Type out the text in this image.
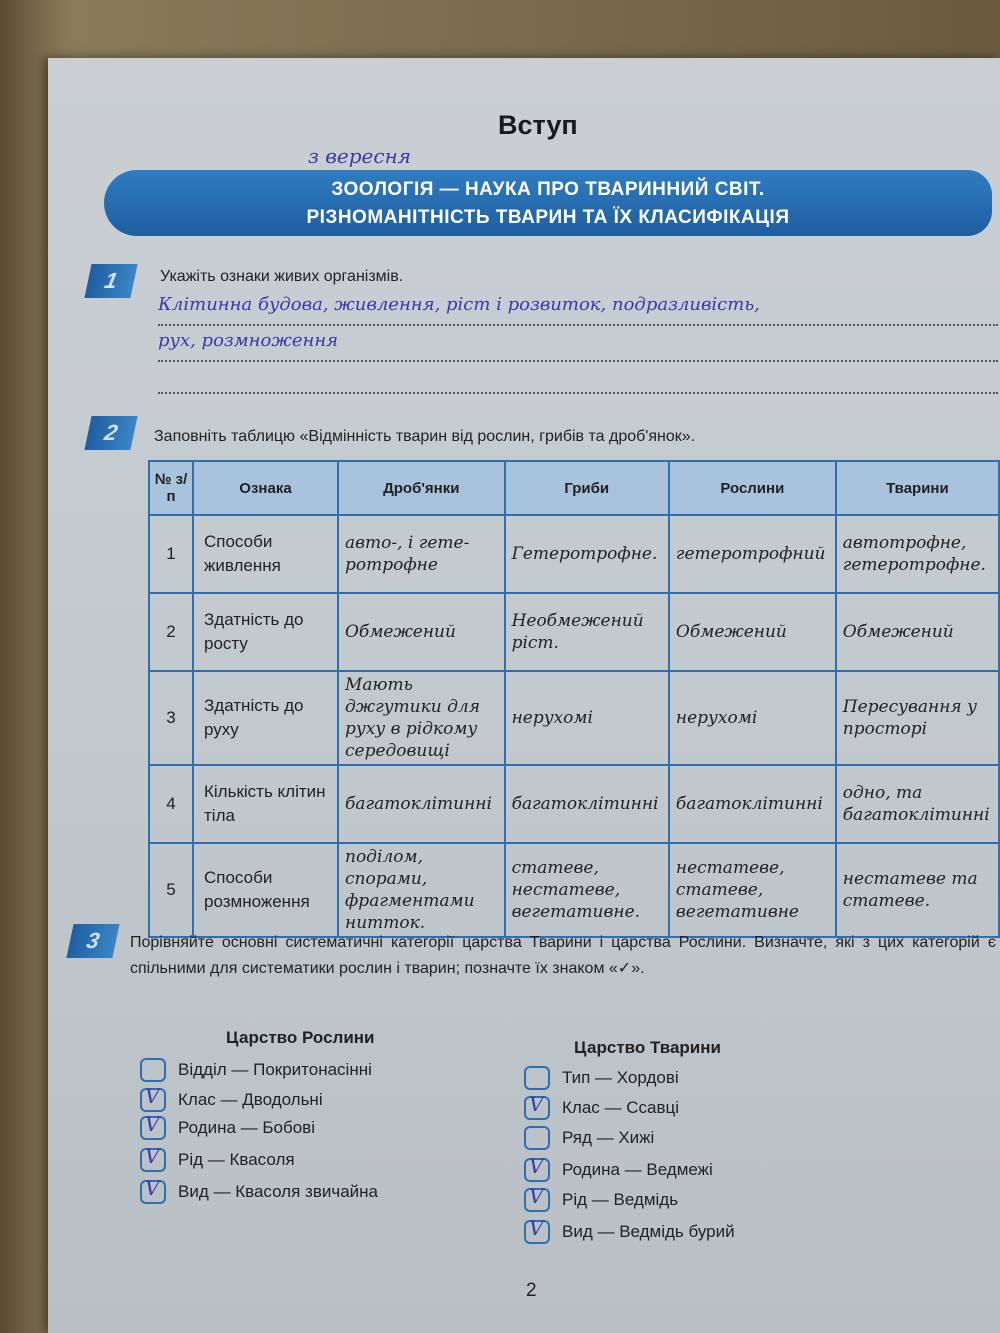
Вступ
з вересня
ЗООЛОГІЯ — НАУКА ПРО ТВАРИННИЙ СВІТ.
РІЗНОМАНІТНІСТЬ ТВАРИН ТА ЇХ КЛАСИФІКАЦІЯ
1	Укажіть ознаки живих організмів.
Клітинна будова, живлення, ріст і розвиток, подразливість,
рух, розмноження
2	Заповніть таблицю «Відмінність тварин від рослин, грибів та дроб'янок».
№ з/п	Ознака	Дроб'янки	Гриби	Рослини	Тварини
1	Способи живлення	авто-, і гете-ротрофне	Гетеротрофне.	гетеротрофний	автотрофне, гетеротрофне.
2	Здатність до росту	Обмежений	Необмежений ріст.	Обмежений	Обмежений
3	Здатність до руху	Мають джгутики для руху в рідкому середовищі	нерухомі	нерухомі	Пересування у просторі
4	Кількість клітин тіла	багатоклітинні	багатоклітинні	багатоклітинні	одно, та багатоклітинні
5	Способи розмноження	поділом, спорами, фрагментами нитток.	статеве, нестатеве, вегетативне.	нестатеве, статеве, вегетативне	нестатеве та статеве.
3	Порівняйте основні систематичні категорії царства Тварини і царства Рослини. Визначте, які з цих категорій є спільними для систематики рослин і тварин; позначте їх знаком «✓».
Царство Рослини
Царство Тварини
Відділ — Покритонасінні
V Клас — Дводольні
V Родина — Бобові
V Рід — Квасоля
V Вид — Квасоля звичайна
Тип — Хордові
V Клас — Ссавці
Ряд — Хижі
V Родина — Ведмежі
V Рід — Ведмідь
V Вид — Ведмідь бурий
2
